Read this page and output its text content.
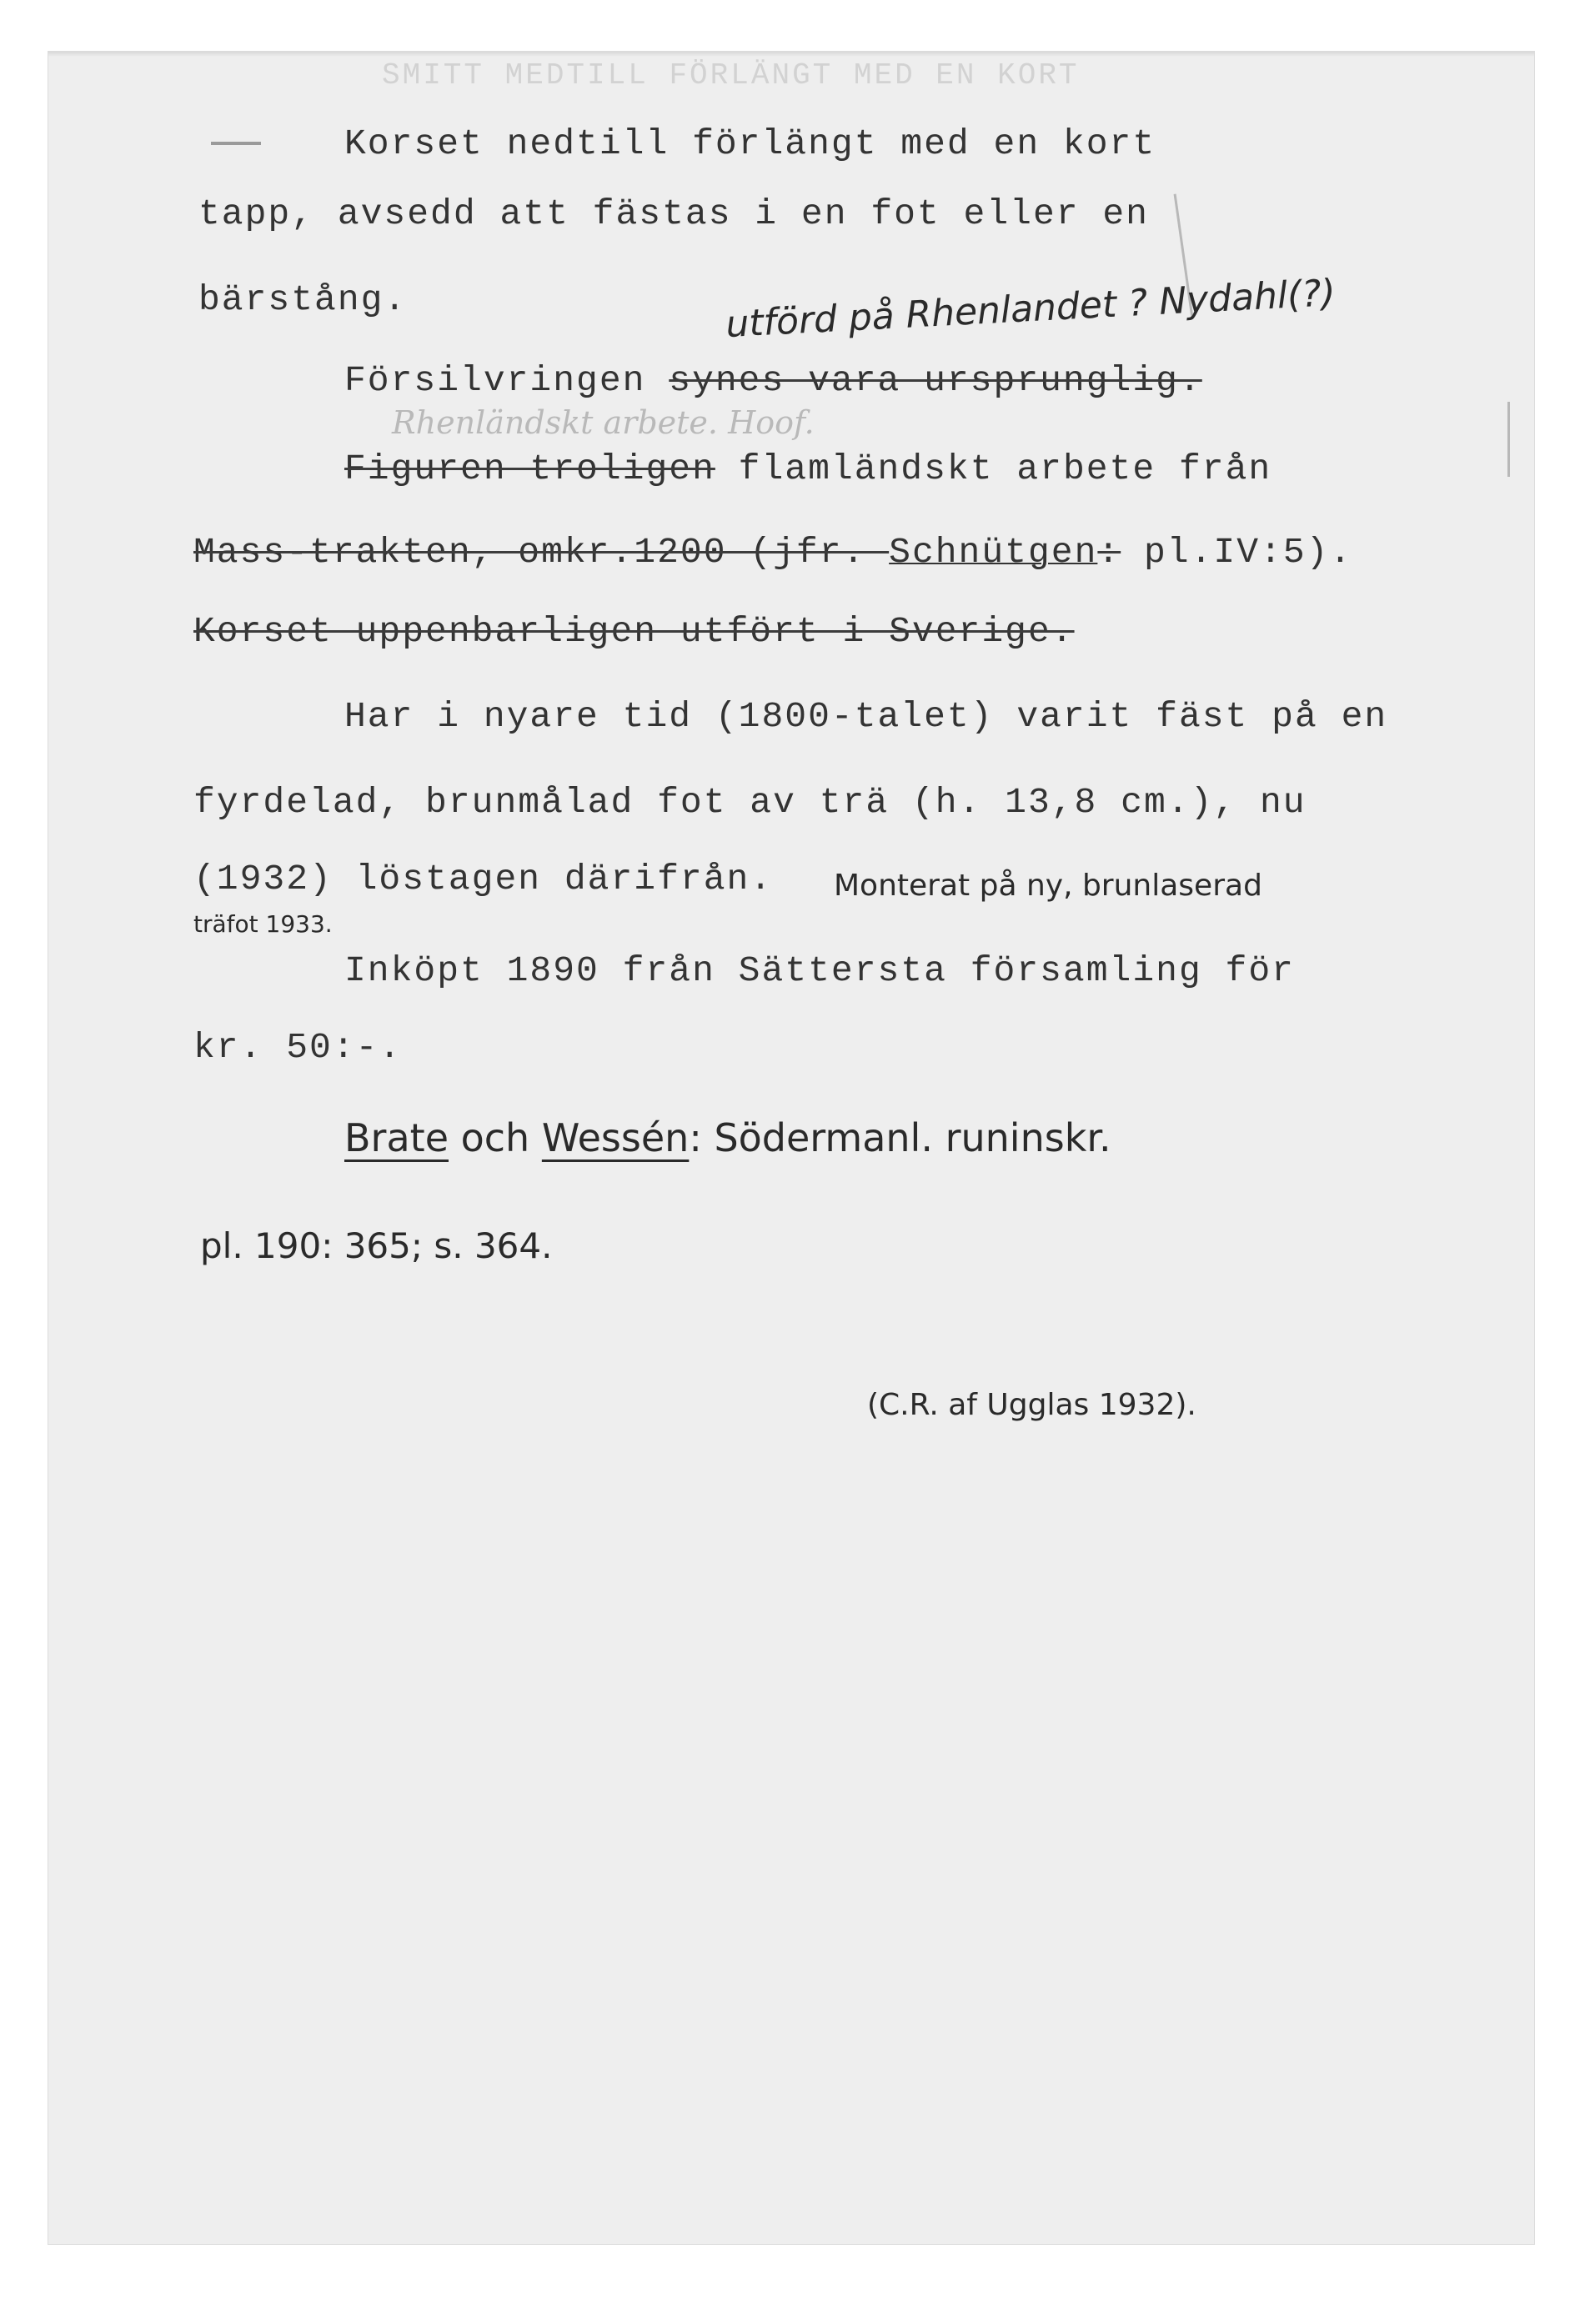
SMITT MEDTILL FÖRLÄNGT MED EN KORT
Korset nedtill förlängt med en kort
tapp, avsedd att fästas i en fot eller en
bärstång.
Försilvringen synes vara ursprunglig.
Figuren troligen flamländskt arbete från
Mass-trakten, omkr.1200 (jfr. Schnütgen: pl.IV:5).
Korset uppenbarligen utfört i Sverige.
Har i nyare tid (1800-talet) varit fäst på en
fyrdelad, brunmålad fot av trä (h. 13,8 cm.), nu
(1932) löstagen därifrån.
Inköpt 1890 från Sättersta församling för
kr. 50:-.
utförd på Rhenlandet ? Nydahl(?)
Rhenländskt arbete. Hoof.
Monterat på ny, brunlaserad
träfot 1933.
Brate och Wessén: Södermanl. runinskr.
pl. 190: 365; s. 364.
(C.R. af Ugglas 1932).
